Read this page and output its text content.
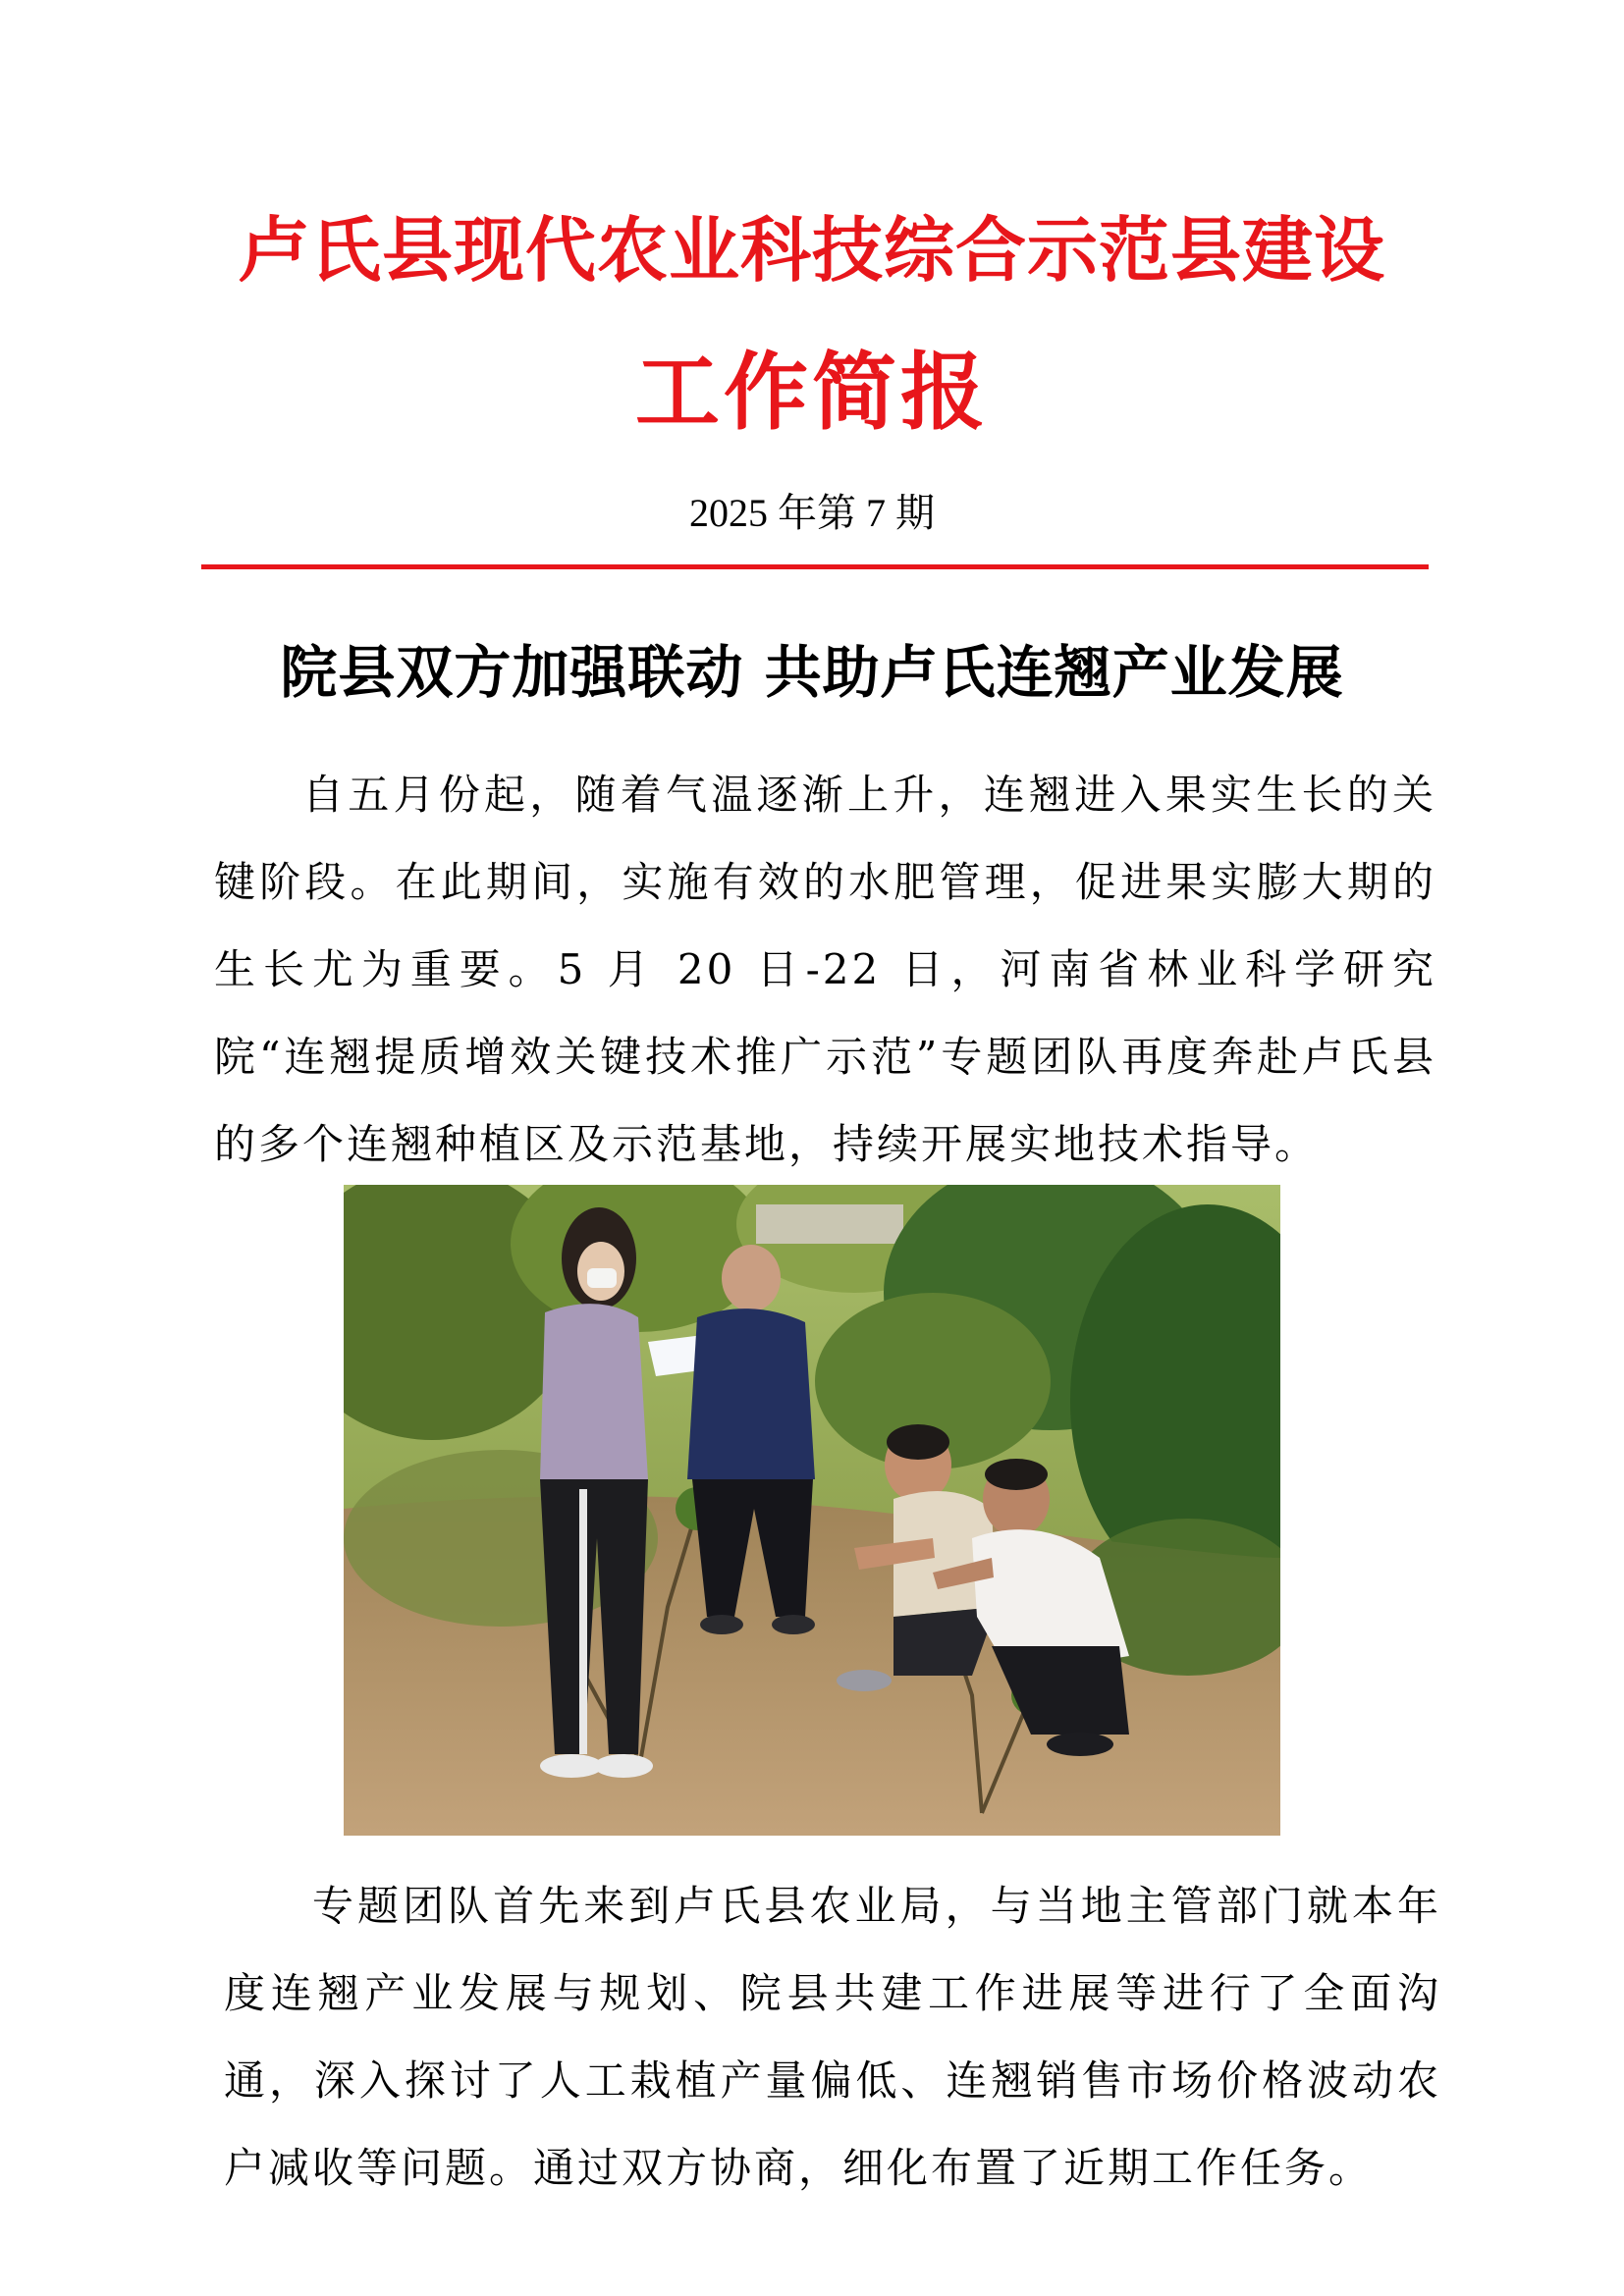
卢氏县现代农业科技综合示范县建设
工作简报
2025 年第 7 期
院县双方加强联动 共助卢氏连翘产业发展

自五月份起，随着气温逐渐上升，连翘进入果实生长的关键阶段。在此期间，实施有效的水肥管理，促进果实膨大期的生长尤为重要。5 月 20 日-22 日，河南省林业科学研究院“连翘提质增效关键技术推广示范”专题团队再度奔赴卢氏县的多个连翘种植区及示范基地，持续开展实地技术指导。

专题团队首先来到卢氏县农业局，与当地主管部门就本年度连翘产业发展与规划、院县共建工作进展等进行了全面沟通，深入探讨了人工栽植产量偏低、连翘销售市场价格波动农户减收等问题。通过双方协商，细化布置了近期工作任务。
